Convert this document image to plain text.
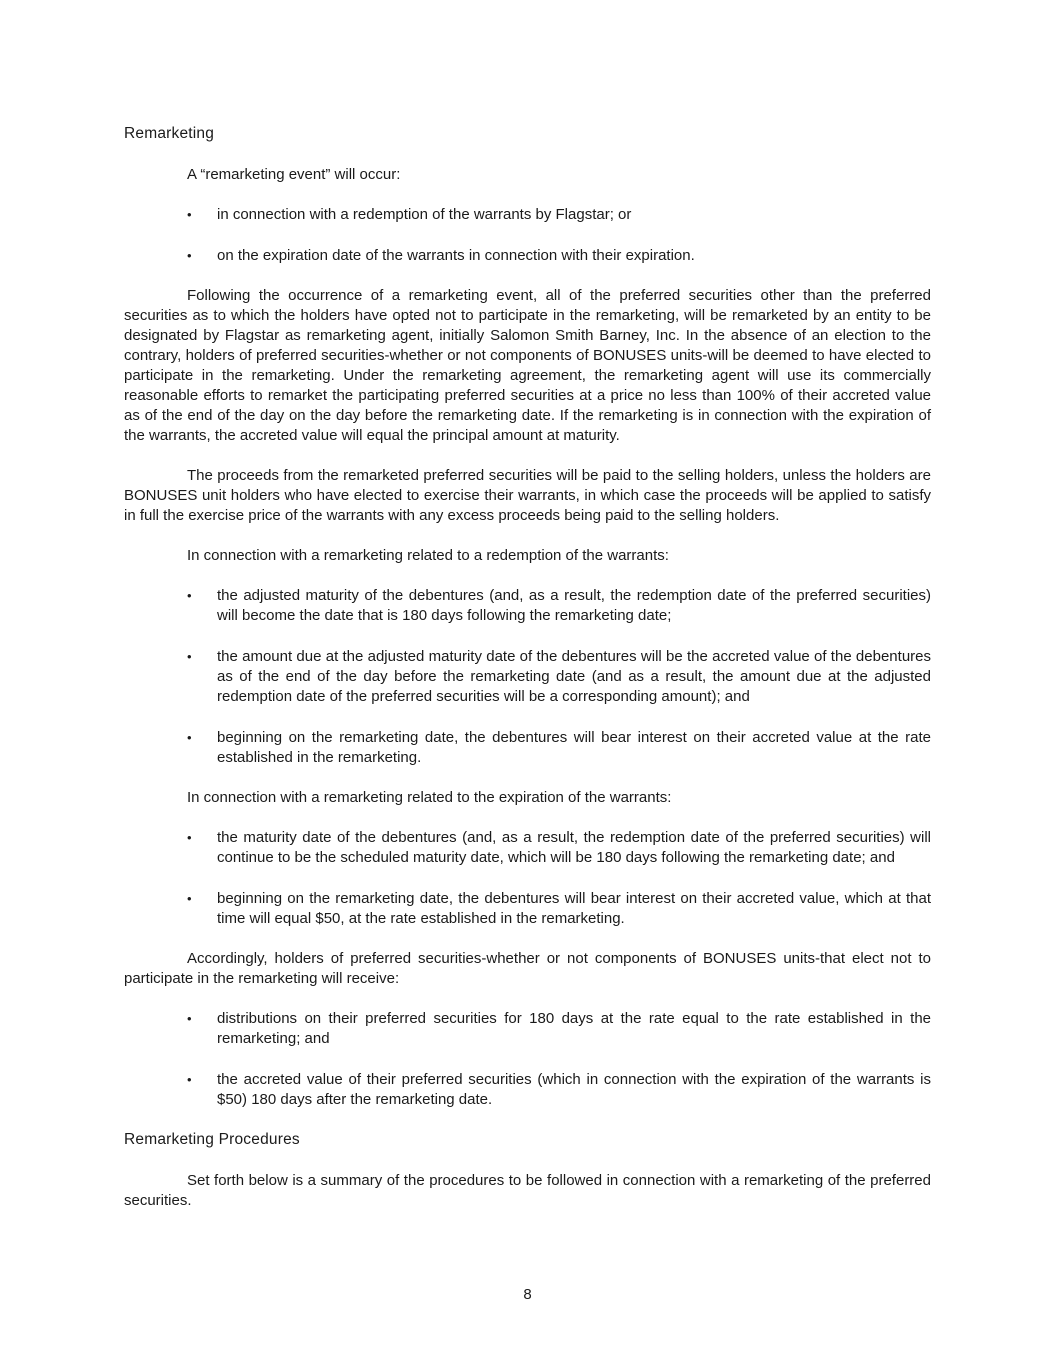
Remarketing

A “remarketing event” will occur:

• in connection with a redemption of the warrants by Flagstar; or
• on the expiration date of the warrants in connection with their expiration.

Following the occurrence of a remarketing event, all of the preferred securities other than the preferred securities as to which the holders have opted not to participate in the remarketing, will be remarketed by an entity to be designated by Flagstar as remarketing agent, initially Salomon Smith Barney, Inc. In the absence of an election to the contrary, holders of preferred securities-whether or not components of BONUSES units-will be deemed to have elected to participate in the remarketing. Under the remarketing agreement, the remarketing agent will use its commercially reasonable efforts to remarket the participating preferred securities at a price no less than 100% of their accreted value as of the end of the day on the day before the remarketing date. If the remarketing is in connection with the expiration of the warrants, the accreted value will equal the principal amount at maturity.

The proceeds from the remarketed preferred securities will be paid to the selling holders, unless the holders are BONUSES unit holders who have elected to exercise their warrants, in which case the proceeds will be applied to satisfy in full the exercise price of the warrants with any excess proceeds being paid to the selling holders.

In connection with a remarketing related to a redemption of the warrants:

• the adjusted maturity of the debentures (and, as a result, the redemption date of the preferred securities) will become the date that is 180 days following the remarketing date;
• the amount due at the adjusted maturity date of the debentures will be the accreted value of the debentures as of the end of the day before the remarketing date (and as a result, the amount due at the adjusted redemption date of the preferred securities will be a corresponding amount); and
• beginning on the remarketing date, the debentures will bear interest on their accreted value at the rate established in the remarketing.

In connection with a remarketing related to the expiration of the warrants:

• the maturity date of the debentures (and, as a result, the redemption date of the preferred securities) will continue to be the scheduled maturity date, which will be 180 days following the remarketing date; and
• beginning on the remarketing date, the debentures will bear interest on their accreted value, which at that time will equal $50, at the rate established in the remarketing.

Accordingly, holders of preferred securities-whether or not components of BONUSES units-that elect not to participate in the remarketing will receive:

• distributions on their preferred securities for 180 days at the rate equal to the rate established in the remarketing; and
• the accreted value of their preferred securities (which in connection with the expiration of the warrants is $50) 180 days after the remarketing date.
Remarketing Procedures

Set forth below is a summary of the procedures to be followed in connection with a remarketing of the preferred securities.

8
